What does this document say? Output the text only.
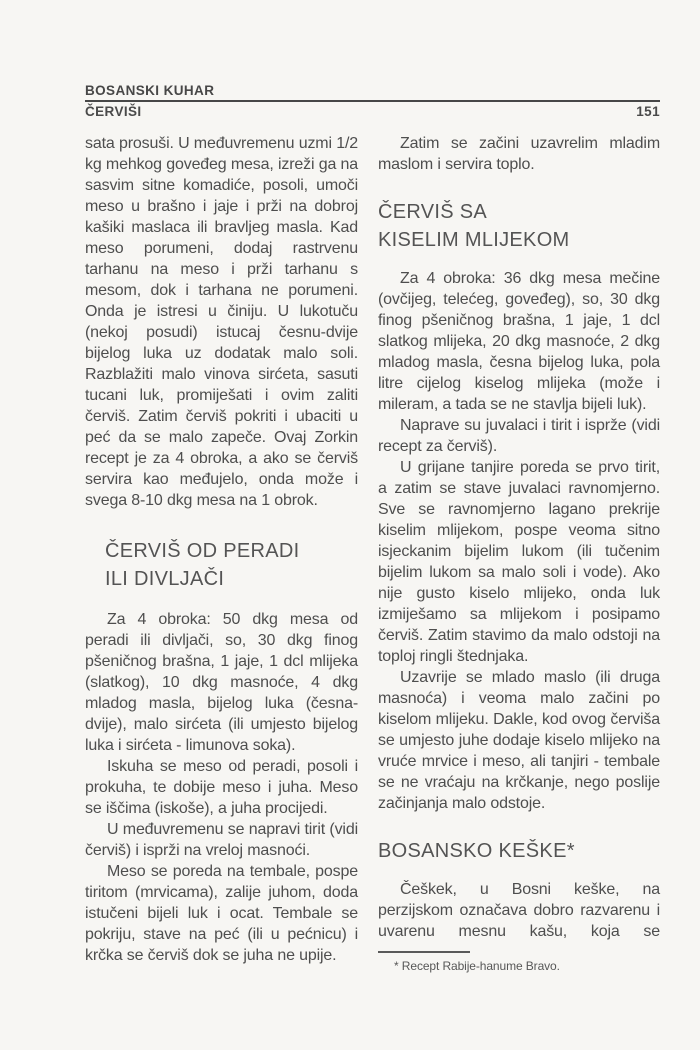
BOSANSKI KUHAR
ČERVIŠI	151

sata prosuši. U međuvremenu uzmi 1/2 kg mehkog goveđeg mesa, izreži ga na sasvim sitne komadiće, posoli, umoči meso u brašno i jaje i prži na dobroj kašiki maslaca ili bravljeg masla. Kad meso porumeni, dodaj rastrvenu tarhanu na meso i prži tarhanu s mesom, dok i tarhana ne porumeni. Onda je istresi u činiju. U lukotuču (nekoj posudi) istucaj česnu-dvije bijelog luka uz dodatak malo soli. Razblažiti malo vinova sirćeta, sasuti tucani luk, promiješati i ovim zaliti červiš. Zatim červiš pokriti i ubaciti u peć da se malo zapeče. Ovaj Zorkin recept je za 4 obroka, a ako se červiš servira kao međujelo, onda može i svega 8-10 dkg mesa na 1 obrok.

ČERVIŠ OD PERADI
ILI DIVLJAČI

Za 4 obroka: 50 dkg mesa od peradi ili divljači, so, 30 dkg finog pšeničnog brašna, 1 jaje, 1 dcl mlijeka (slatkog), 10 dkg masnoće, 4 dkg mladog masla, bijelog luka (česna-dvije), malo sirćeta (ili umjesto bijelog luka i sirćeta - limunova soka).

Iskuha se meso od peradi, posoli i prokuha, te dobije meso i juha. Meso se iščima (iskoše), a juha procijedi.

U međuvremenu se napravi tirit (vidi červiš) i isprži na vreloj masnoći.

Meso se poreda na tembale, pospe tiritom (mrvicama), zalije juhom, doda istučeni bijeli luk i ocat. Tembale se pokriju, stave na peć (ili u pećnicu) i krčka se červiš dok se juha ne upije.

Zatim se začini uzavrelim mladim maslom i servira toplo.

ČERVIŠ SA
KISELIM MLIJEKOM

Za 4 obroka: 36 dkg mesa mečine (ovčijeg, telećeg, goveđeg), so, 30 dkg finog pšeničnog brašna, 1 jaje, 1 dcl slatkog mlijeka, 20 dkg masnoće, 2 dkg mladog masla, česna bijelog luka, pola litre cijelog kiselog mlijeka (može i mileram, a tada se ne stavlja bijeli luk).

Naprave su juvalaci i tirit i isprže (vidi recept za červiš).

U grijane tanjire poreda se prvo tirit, a zatim se stave juvalaci ravnomjerno. Sve se ravnomjerno lagano prekrije kiselim mlijekom, pospe veoma sitno isjeckanim bijelim lukom (ili tučenim bijelim lukom sa malo soli i vode). Ako nije gusto kiselo mlijeko, onda luk izmiješamo sa mlijekom i posipamo červiš. Zatim stavimo da malo odstoji na toploj ringli štednjaka.

Uzavrije se mlado maslo (ili druga masnoća) i veoma malo začini po kiselom mlijeku. Dakle, kod ovog červiša se umjesto juhe dodaje kiselo mlijeko na vruće mrvice i meso, ali tanjiri - tembale se ne vraćaju na krčkanje, nego poslije začinjanja malo odstoje.

BOSANSKO KEŠKE*

Češkek, u Bosni keške, na perzijskom označava dobro razvarenu i uvarenu mesnu kašu, koja se

* Recept Rabije-hanume Bravo.
